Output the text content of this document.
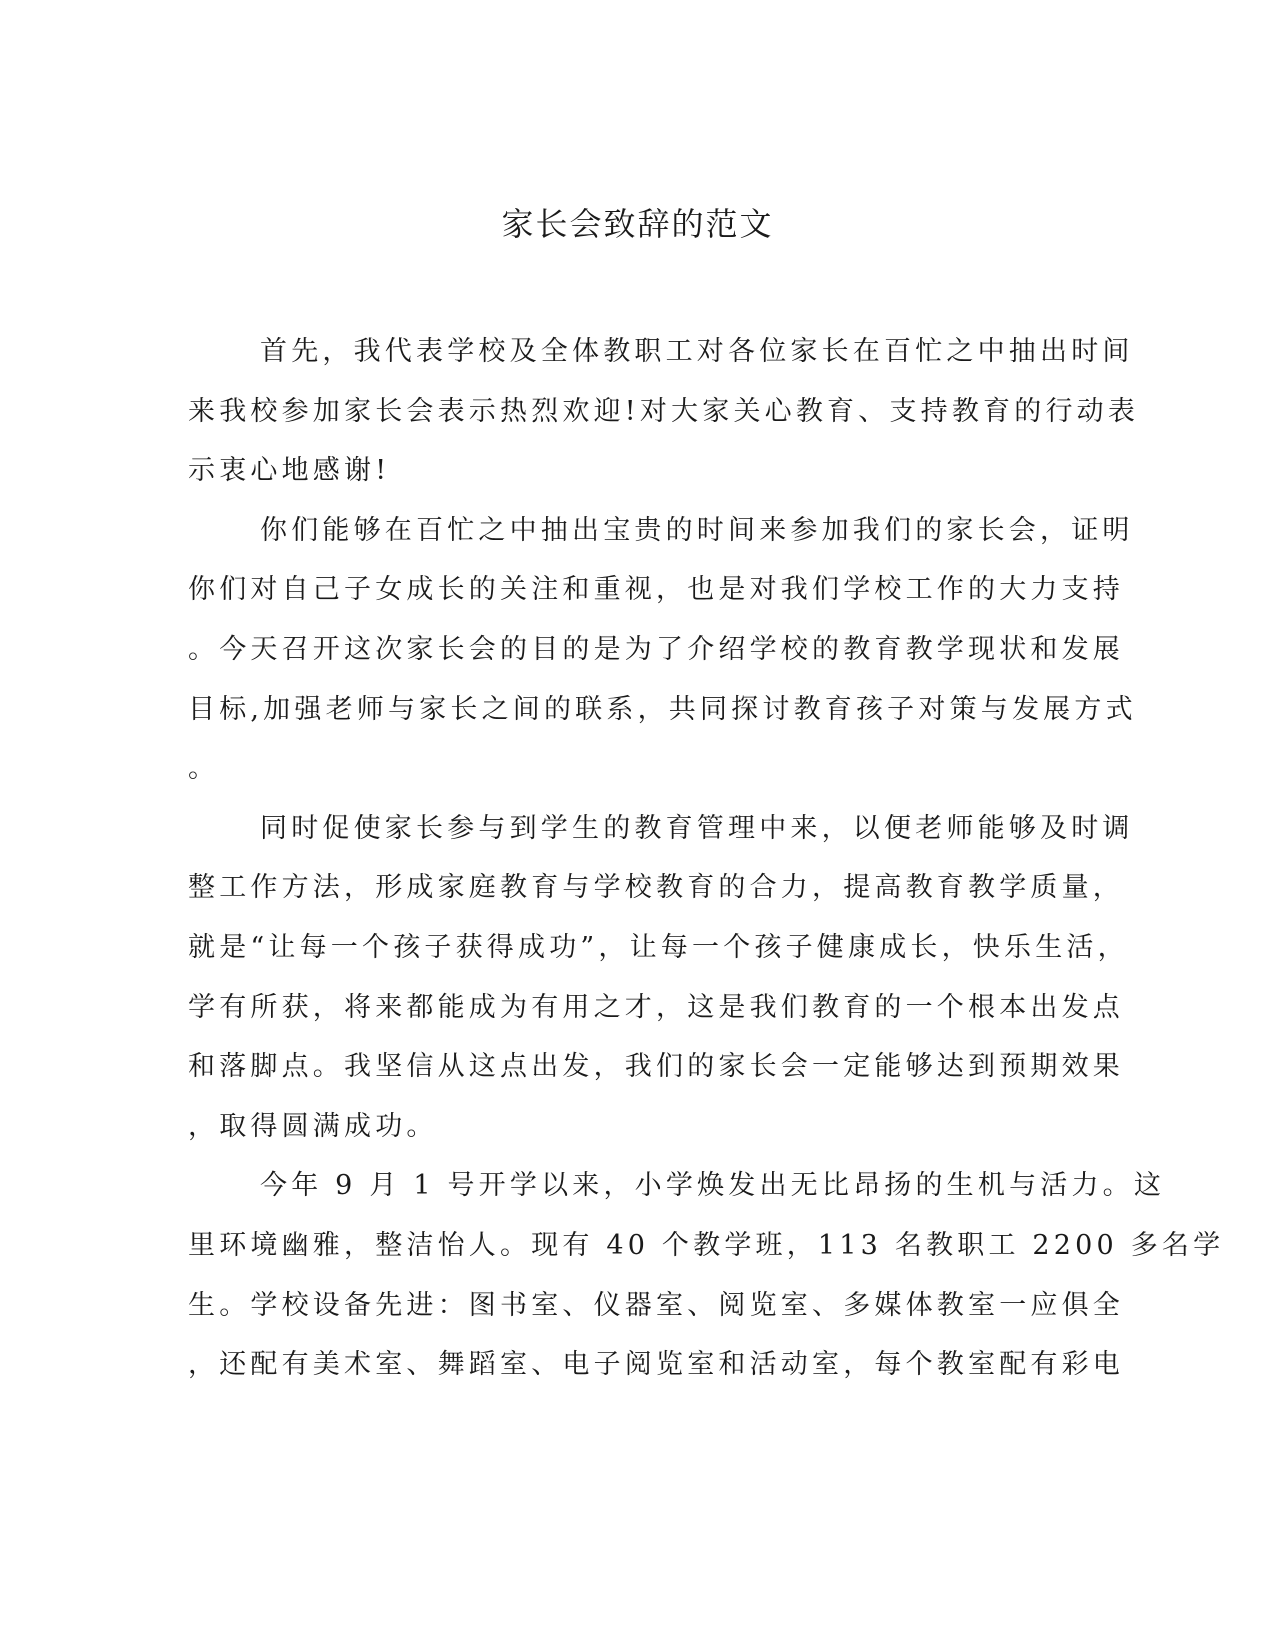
家长会致辞的范文
首先，我代表学校及全体教职工对各位家长在百忙之中抽出时间
来我校参加家长会表示热烈欢迎!对大家关心教育、支持教育的行动表
示衷心地感谢!
你们能够在百忙之中抽出宝贵的时间来参加我们的家长会，证明
你们对自己子女成长的关注和重视，也是对我们学校工作的大力支持
。今天召开这次家长会的目的是为了介绍学校的教育教学现状和发展
目标,加强老师与家长之间的联系，共同探讨教育孩子对策与发展方式
。
同时促使家长参与到学生的教育管理中来，以便老师能够及时调
整工作方法，形成家庭教育与学校教育的合力，提高教育教学质量，
就是“让每一个孩子获得成功”，让每一个孩子健康成长，快乐生活，
学有所获，将来都能成为有用之才，这是我们教育的一个根本出发点
和落脚点。我坚信从这点出发，我们的家长会一定能够达到预期效果
，取得圆满成功。
今年 9 月 1 号开学以来，小学焕发出无比昂扬的生机与活力。这
里环境幽雅，整洁怡人。现有 40 个教学班，113 名教职工 2200 多名学
生。学校设备先进：图书室、仪器室、阅览室、多媒体教室一应俱全
，还配有美术室、舞蹈室、电子阅览室和活动室，每个教室配有彩电
